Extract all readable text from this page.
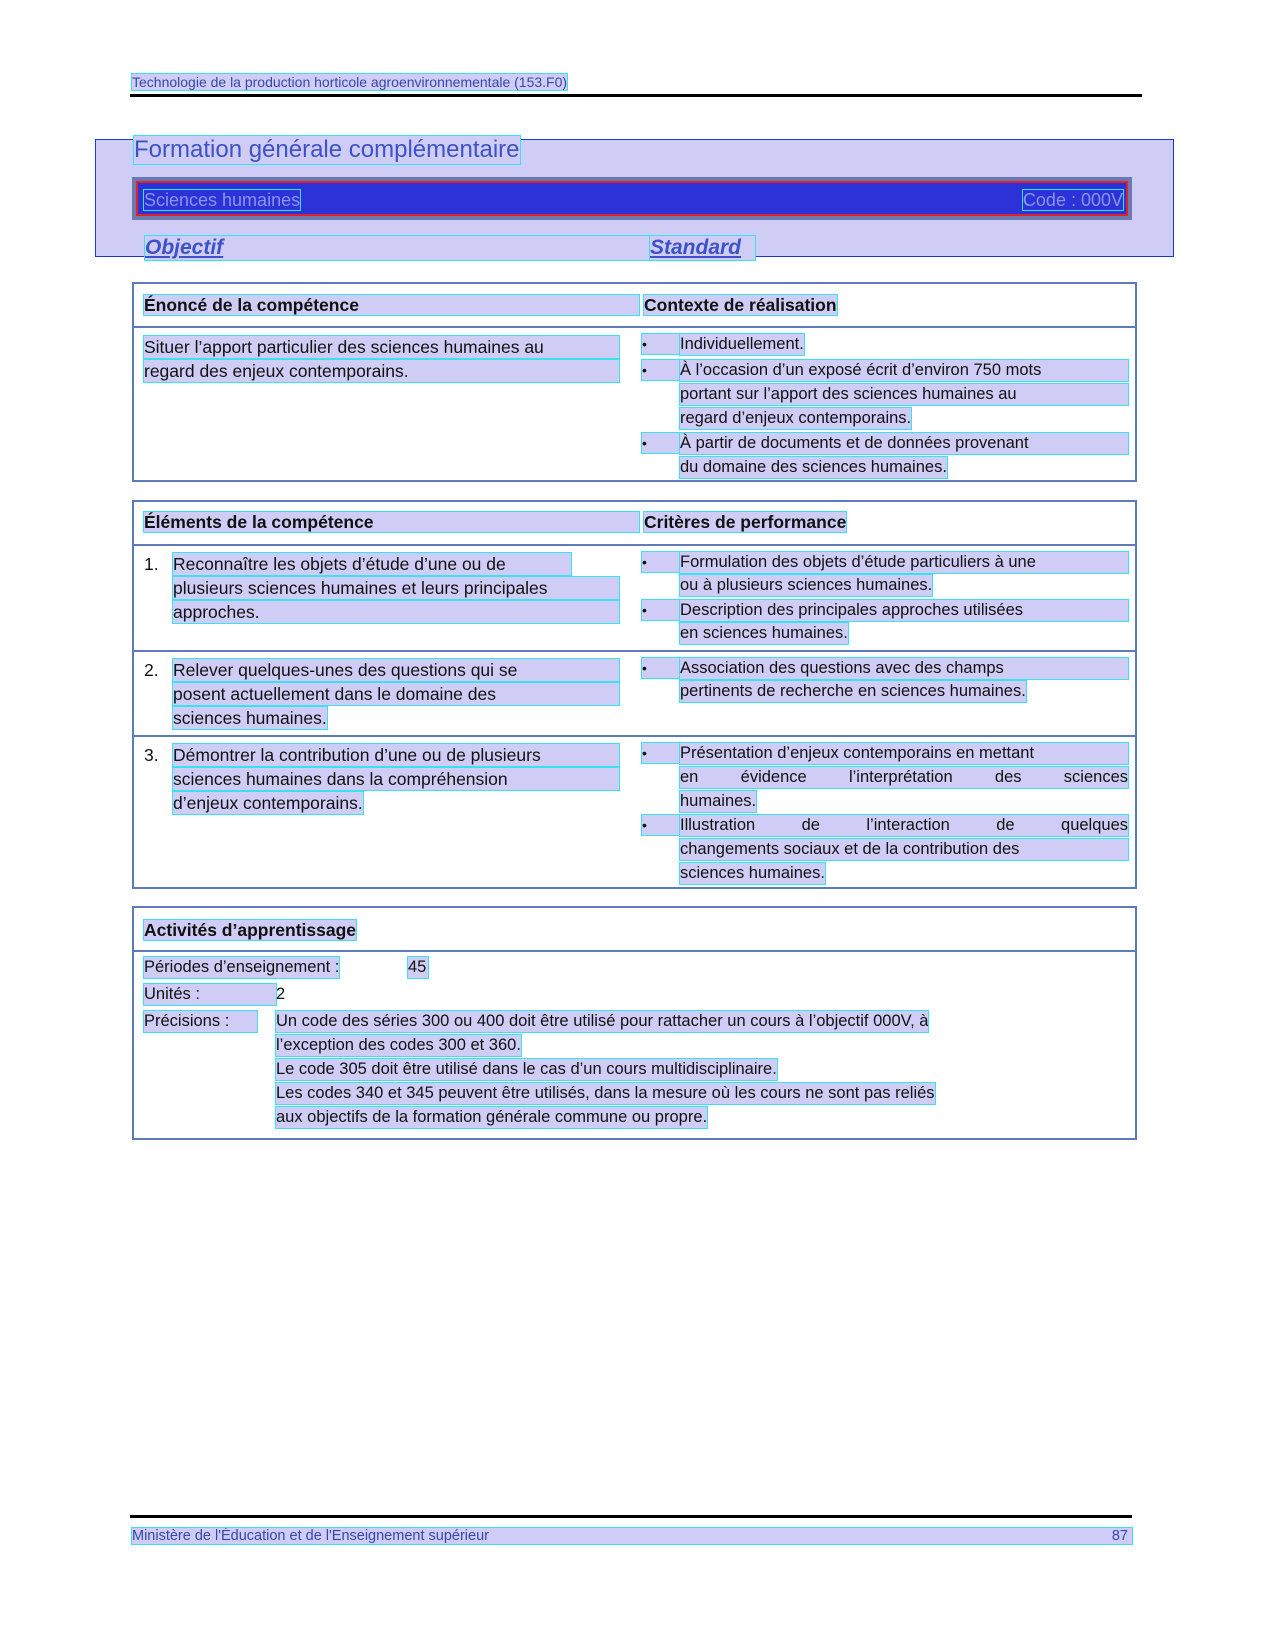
Technologie de la production horticole agroenvironnementale (153.F0)
Formation générale complémentaire
Sciences humaines	Code : 000V
Objectif	Standard
Énoncé de la compétence	Contexte de réalisation
Situer l’apport particulier des sciences humaines au
regard des enjeux contemporains.
•	Individuellement.
•	À l’occasion d’un exposé écrit d’environ 750 mots
portant sur l’apport des sciences humaines au
regard d’enjeux contemporains.
•	À partir de documents et de données provenant
du domaine des sciences humaines.
Éléments de la compétence	Critères de performance
1. Reconnaître les objets d’étude d’une ou de
plusieurs sciences humaines et leurs principales
approches.
•	Formulation des objets d’étude particuliers à une
ou à plusieurs sciences humaines.
•	Description des principales approches utilisées
en sciences humaines.
2. Relever quelques-unes des questions qui se
posent actuellement dans le domaine des
sciences humaines.
•	Association des questions avec des champs
pertinents de recherche en sciences humaines.
3. Démontrer la contribution d’une ou de plusieurs
sciences humaines dans la compréhension
d’enjeux contemporains.
•	Présentation d’enjeux contemporains en mettant
en évidence l’interprétation des sciences
humaines.
•	Illustration de l’interaction de quelques
changements sociaux et de la contribution des
sciences humaines.
Activités d’apprentissage
Périodes d’enseignement :	45
Unités :	2
Précisions :	Un code des séries 300 ou 400 doit être utilisé pour rattacher un cours à l’objectif 000V, à
l’exception des codes 300 et 360.
Le code 305 doit être utilisé dans le cas d’un cours multidisciplinaire.
Les codes 340 et 345 peuvent être utilisés, dans la mesure où les cours ne sont pas reliés
aux objectifs de la formation générale commune ou propre.
Ministère de l'Éducation et de l'Enseignement supérieur	87
